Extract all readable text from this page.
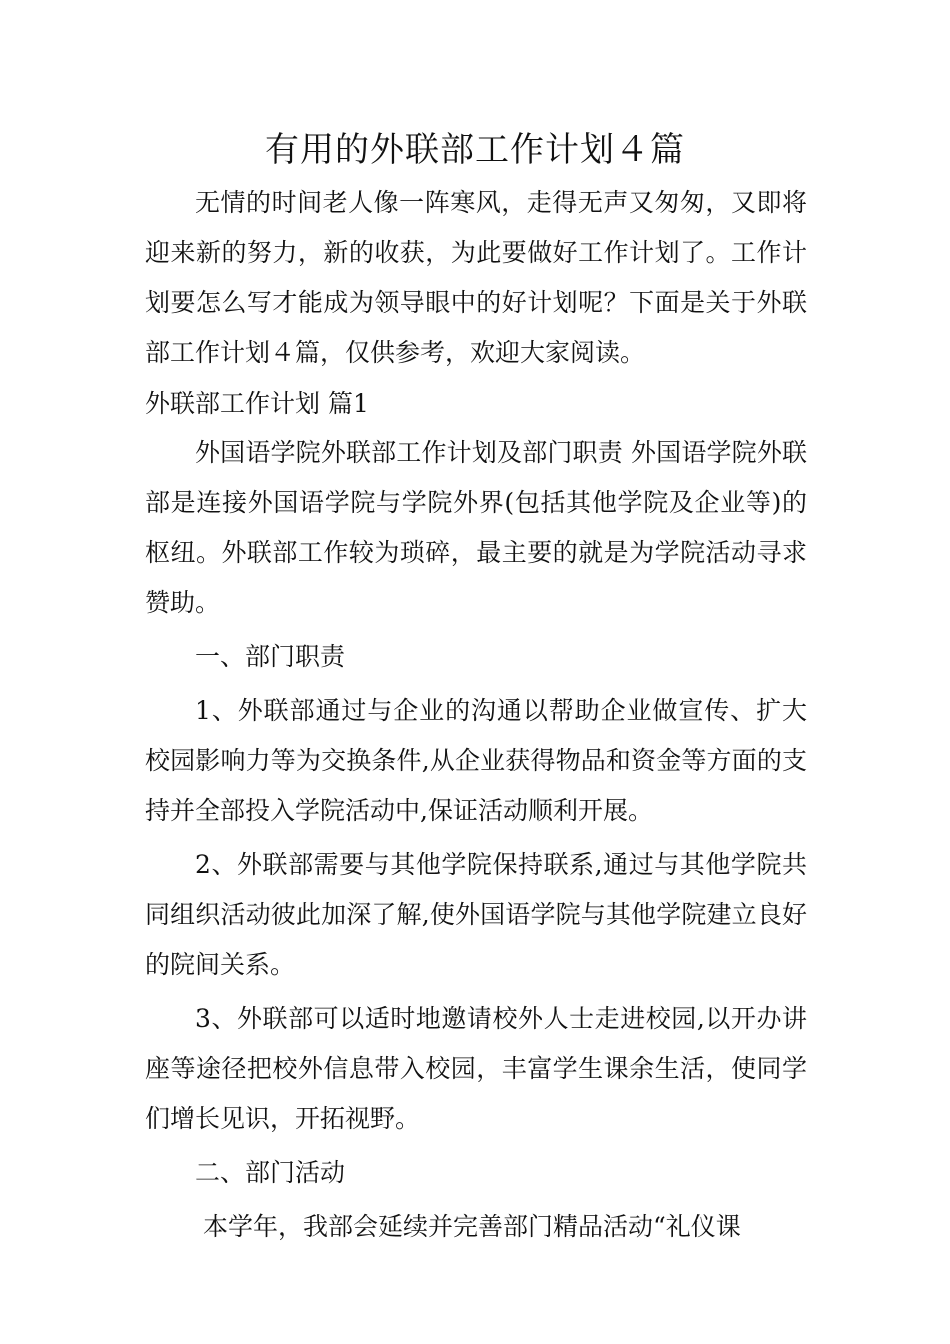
有用的外联部工作计划４篇

无情的时间老人像一阵寒风，走得无声又匆匆，又即将迎来新的努力，新的收获，为此要做好工作计划了。工作计划要怎么写才能成为领导眼中的好计划呢？下面是关于外联部工作计划４篇，仅供参考，欢迎大家阅读。

外联部工作计划 篇1

外国语学院外联部工作计划及部门职责 外国语学院外联部是连接外国语学院与学院外界(包括其他学院及企业等)的枢纽。外联部工作较为琐碎，最主要的就是为学院活动寻求赞助。

一、部门职责

1、外联部通过与企业的沟通以帮助企业做宣传、扩大校园影响力等为交换条件,从企业获得物品和资金等方面的支持并全部投入学院活动中,保证活动顺利开展。

2、外联部需要与其他学院保持联系,通过与其他学院共同组织活动彼此加深了解,使外国语学院与其他学院建立良好的院间关系。

3、外联部可以适时地邀请校外人士走进校园,以开办讲座等途径把校外信息带入校园，丰富学生课余生活，使同学们增长见识，开拓视野。

二、部门活动

本学年，我部会延续并完善部门精品活动“礼仪课
